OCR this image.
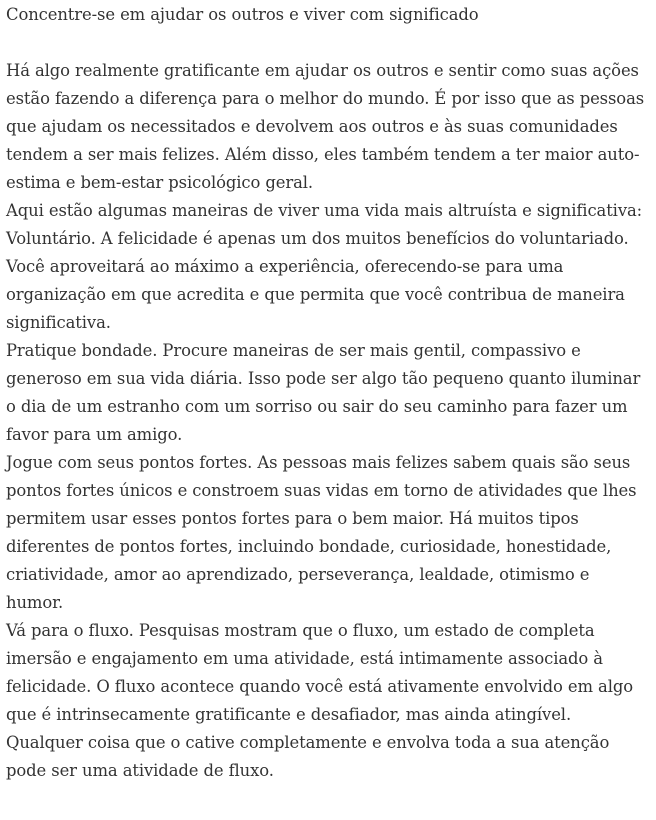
Concentre-se em ajudar os outros e viver com significado

Há algo realmente gratificante em ajudar os outros e sentir como suas ações estão fazendo a diferença para o melhor do mundo. É por isso que as pessoas que ajudam os necessitados e devolvem aos outros e às suas comunidades tendem a ser mais felizes. Além disso, eles também tendem a ter maior auto-estima e bem-estar psicológico geral.

Aqui estão algumas maneiras de viver uma vida mais altruísta e significativa:

Voluntário. A felicidade é apenas um dos muitos benefícios do voluntariado. Você aproveitará ao máximo a experiência, oferecendo-se para uma organização em que acredita e que permita que você contribua de maneira significativa.

Pratique bondade. Procure maneiras de ser mais gentil, compassivo e generoso em sua vida diária. Isso pode ser algo tão pequeno quanto iluminar o dia de um estranho com um sorriso ou sair do seu caminho para fazer um favor para um amigo.

Jogue com seus pontos fortes. As pessoas mais felizes sabem quais são seus pontos fortes únicos e constroem suas vidas em torno de atividades que lhes permitem usar esses pontos fortes para o bem maior. Há muitos tipos diferentes de pontos fortes, incluindo bondade, curiosidade, honestidade, criatividade, amor ao aprendizado, perseverança, lealdade, otimismo e humor.

Vá para o fluxo. Pesquisas mostram que o fluxo, um estado de completa imersão e engajamento em uma atividade, está intimamente associado à felicidade. O fluxo acontece quando você está ativamente envolvido em algo que é intrinsecamente gratificante e desafiador, mas ainda atingível. Qualquer coisa que o cative completamente e envolva toda a sua atenção pode ser uma atividade de fluxo.
